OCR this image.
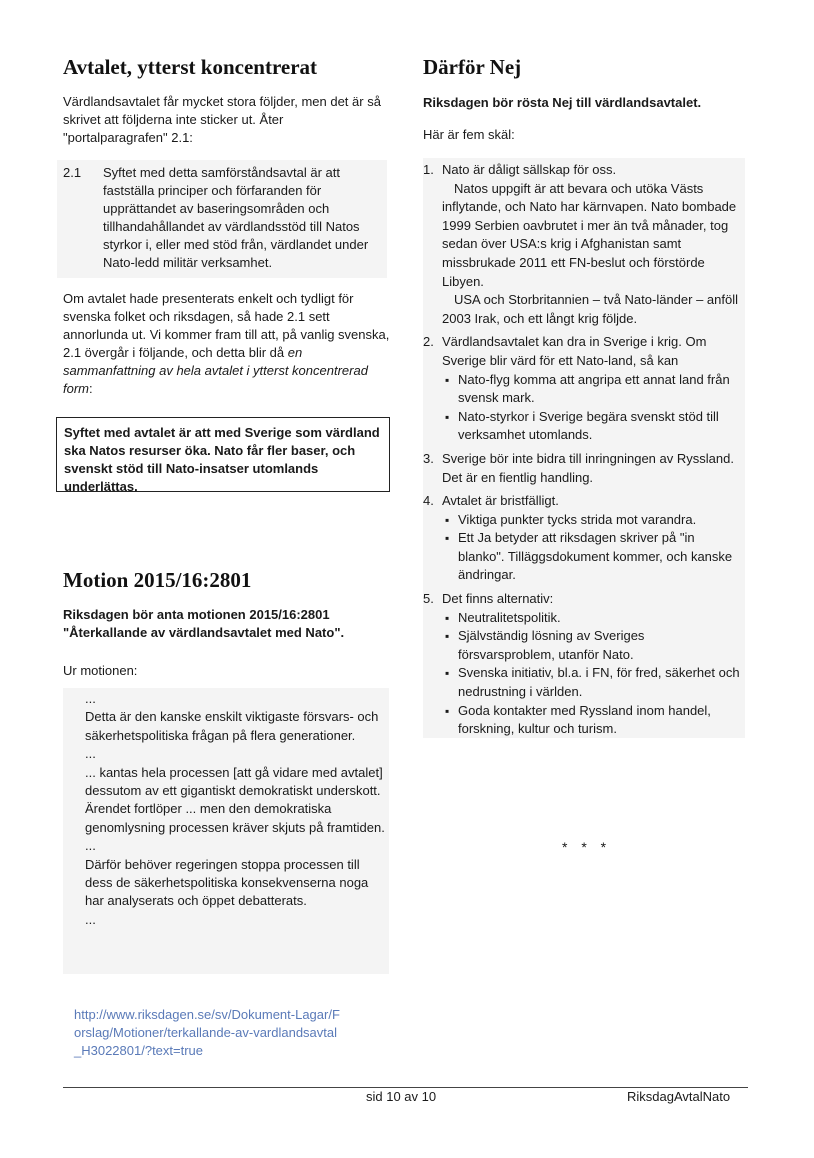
Avtalet, ytterst koncentrerat

Värdlandsavtalet får mycket stora följder, men det är så skrivet att följderna inte sticker ut. Åter "portalparagrafen" 2.1:

2.1 Syftet med detta samförståndsavtal är att fastställa principer och förfaranden för upprättandet av baseringsområden och tillhandahållandet av värdlandsstöd till Natos styrkor i, eller med stöd från, värdlandet under Nato-ledd militär verksamhet.

Om avtalet hade presenterats enkelt och tydligt för svenska folket och riksdagen, så hade 2.1 sett annorlunda ut. Vi kommer fram till att, på vanlig svenska, 2.1 övergår i följande, och detta blir då en sammanfattning av hela avtalet i ytterst koncentrerad form:

Syftet med avtalet är att med Sverige som värdland ska Natos resurser öka. Nato får fler baser, och svenskt stöd till Nato-insatser utomlands underlättas.
Motion 2015/16:2801

Riksdagen bör anta motionen 2015/16:2801 "Återkallande av värdlandsavtalet med Nato".

Ur motionen:

...
Detta är den kanske enskilt viktigaste försvars- och säkerhetspolitiska frågan på flera generationer.
...
... kantas hela processen [att gå vidare med avtalet] dessutom av ett gigantiskt demokratiskt underskott. Ärendet fortlöper ... men den demokratiska genomlysning processen kräver skjuts på framtiden.
...
Därför behöver regeringen stoppa processen till dess de säkerhetspolitiska konsekvenserna noga har analyserats och öppet debatterats.
...
http://www.riksdagen.se/sv/Dokument-Lagar/Forslag/Motioner/terkallande-av-vardlandsavtal_H3022801/?text=true
Därför Nej

Riksdagen bör rösta Nej till värdlandsavtalet.

Här är fem skäl:

1. Nato är dåligt sällskap för oss.
Natos uppgift är att bevara och utöka Västs inflytande, och Nato har kärnvapen. Nato bombade 1999 Serbien oavbrutet i mer än två månader, tog sedan över USA:s krig i Afghanistan samt missbrukade 2011 ett FN-beslut och förstörde Libyen.
USA och Storbritannien – två Nato-länder – anföll 2003 Irak, och ett långt krig följde.
2. Värdlandsavtalet kan dra in Sverige i krig. Om Sverige blir värd för ett Nato-land, så kan
▪ Nato-flyg komma att angripa ett annat land från svensk mark.
▪ Nato-styrkor i Sverige begära svenskt stöd till verksamhet utomlands.
3. Sverige bör inte bidra till inringningen av Ryssland. Det är en fientlig handling.
4. Avtalet är bristfälligt.
▪ Viktiga punkter tycks strida mot varandra.
▪ Ett Ja betyder att riksdagen skriver på "in blanko". Tilläggsdokument kommer, och kanske ändringar.
5. Det finns alternativ:
▪ Neutralitetspolitik.
▪ Självständig lösning av Sveriges försvarsproblem, utanför Nato.
▪ Svenska initiativ, bl.a. i FN, för fred, säkerhet och nedrustning i världen.
▪ Goda kontakter med Ryssland inom handel, forskning, kultur och turism.
* * *
sid 10 av 10	RiksdagAvtalNato
